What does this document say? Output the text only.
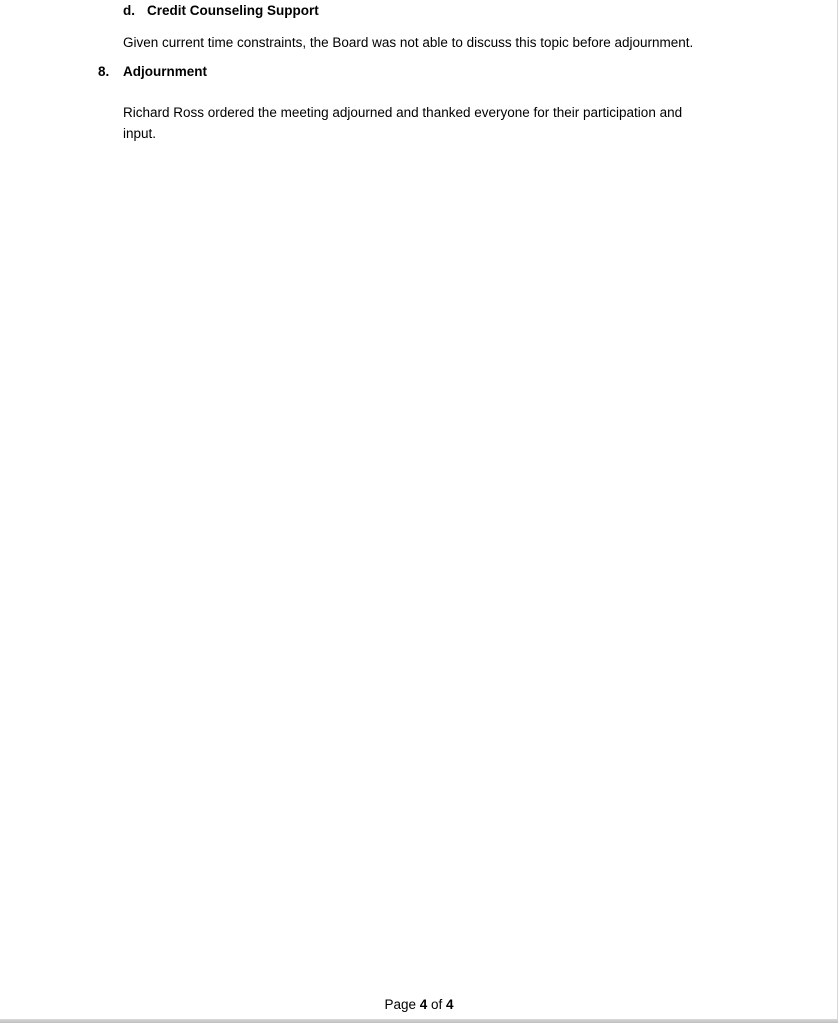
d. Credit Counseling Support
Given current time constraints, the Board was not able to discuss this topic before adjournment.
8. Adjournment
Richard Ross ordered the meeting adjourned and thanked everyone for their participation and input.
Page 4 of 4
